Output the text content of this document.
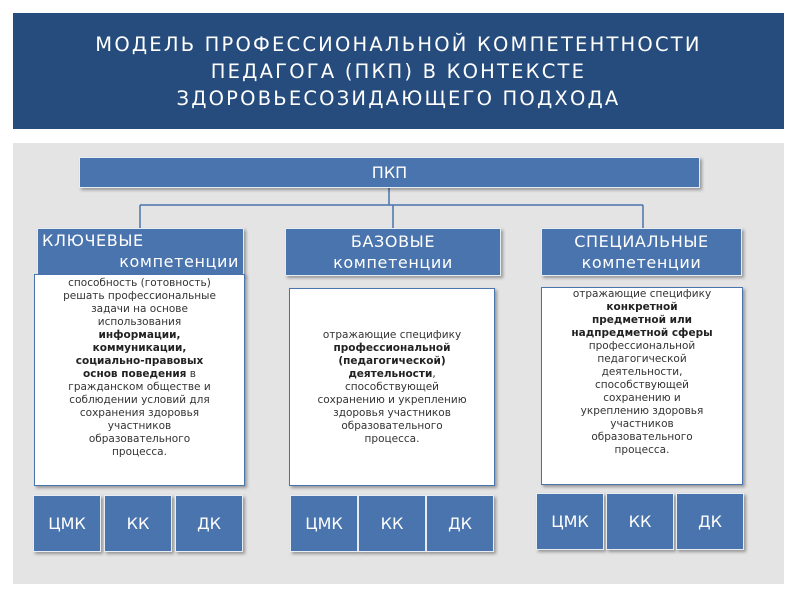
МОДЕЛЬ ПРОФЕССИОНАЛЬНОЙ КОМПЕТЕНТНОСТИ
ПЕДАГОГА (ПКП) В КОНТЕКСТЕ
ЗДОРОВЬЕСОЗИДАЮЩЕГО ПОДХОДА
ПКП
КЛЮЧЕВЫЕ
компетенции
БАЗОВЫЕ
компетенции
СПЕЦИАЛЬНЫЕ
компетенции
способность (готовность)
решать профессиональные
задачи на основе
использования
информации,
коммуникации,
социально-правовых
основ поведения в
гражданском обществе и
соблюдении условий для
сохранения здоровья
участников
образовательного
процесса.
отражающие специфику
профессиональной
(педагогической)
деятельности,
способствующей
сохранению и укреплению
здоровья участников
образовательного
процесса.
отражающие специфику
конкретной
предметной или
надпредметной сферы
профессиональной
педагогической
деятельности,
способствующей
сохранению и
укреплению здоровья
участников
образовательного
процесса.
ЦМК	КК	ДК	ЦМК КК	ДК	ЦМК КК	ДК
